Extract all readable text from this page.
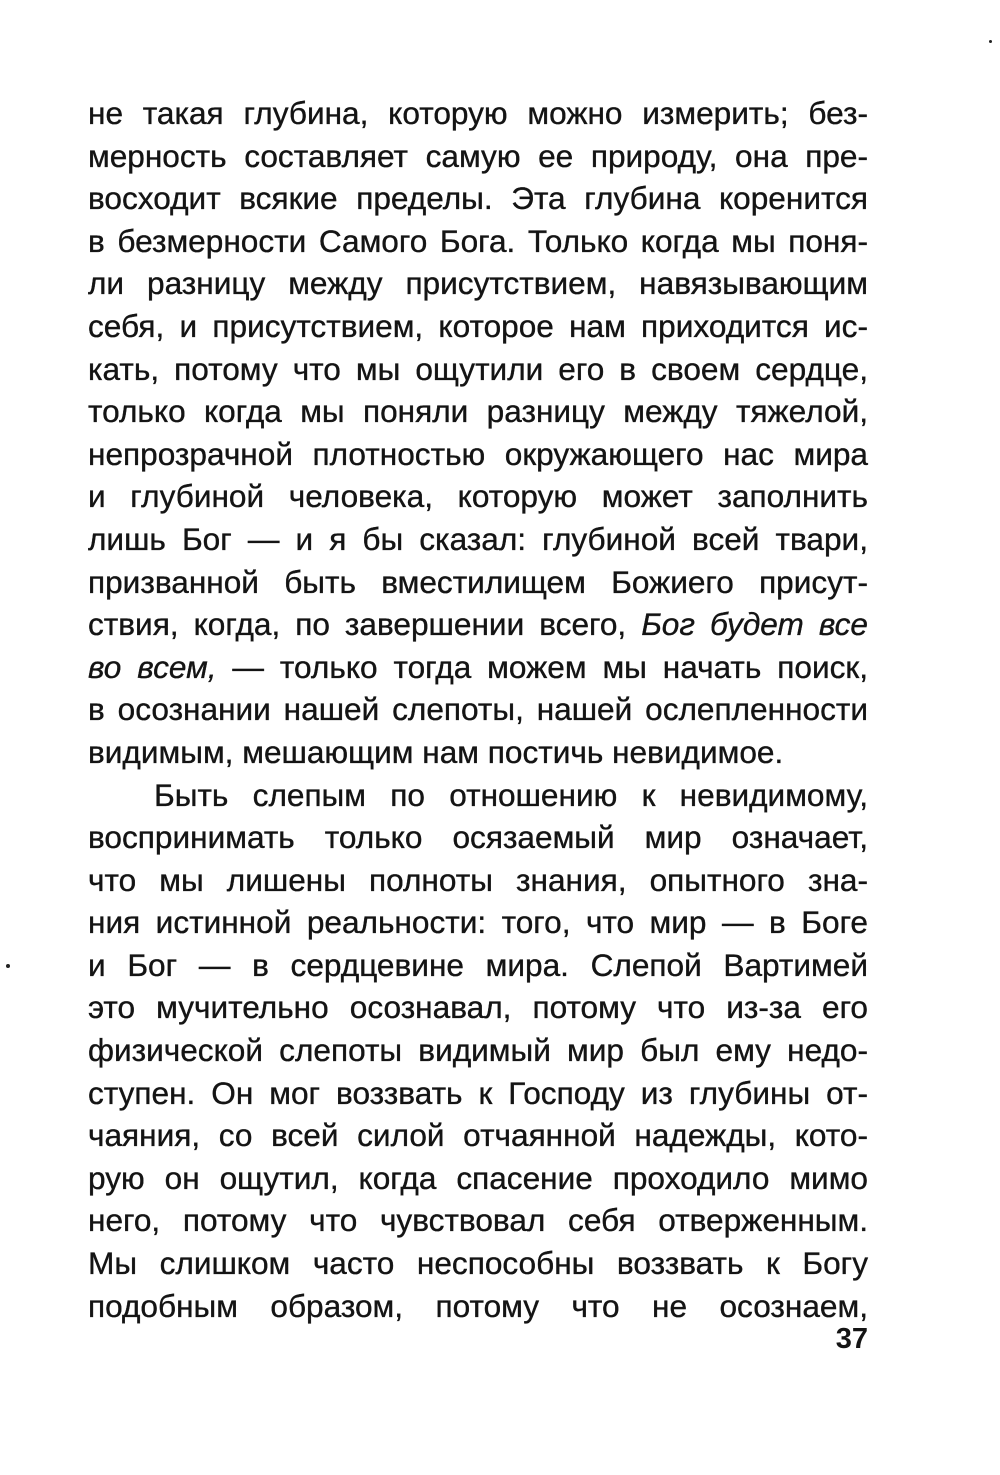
не такая глубина, которую можно измерить; без-
мерность составляет самую ее природу, она пре-
восходит всякие пределы. Эта глубина коренится
в безмерности Самого Бога. Только когда мы поня-
ли разницу между присутствием, навязывающим
себя, и присутствием, которое нам приходится ис-
кать, потому что мы ощутили его в своем сердце,
только когда мы поняли разницу между тяжелой,
непрозрачной плотностью окружающего нас мира
и глубиной человека, которую может заполнить
лишь Бог — и я бы сказал: глубиной всей твари,
призванной быть вместилищем Божиего присут-
ствия, когда, по завершении всего, Бог будет все
во всем, — только тогда можем мы начать поиск,
в осознании нашей слепоты, нашей ослепленности
видимым, мешающим нам постичь невидимое.
Быть слепым по отношению к невидимому,
воспринимать только осязаемый мир означает,
что мы лишены полноты знания, опытного зна-
ния истинной реальности: того, что мир — в Боге
и Бог — в сердцевине мира. Слепой Вартимей
это мучительно осознавал, потому что из-за его
физической слепоты видимый мир был ему недо-
ступен. Он мог воззвать к Господу из глубины от-
чаяния, со всей силой отчаянной надежды, кото-
рую он ощутил, когда спасение проходило мимо
него, потому что чувствовал себя отверженным.
Мы слишком часто неспособны воззвать к Богу
подобным образом, потому что не осознаем,
37
